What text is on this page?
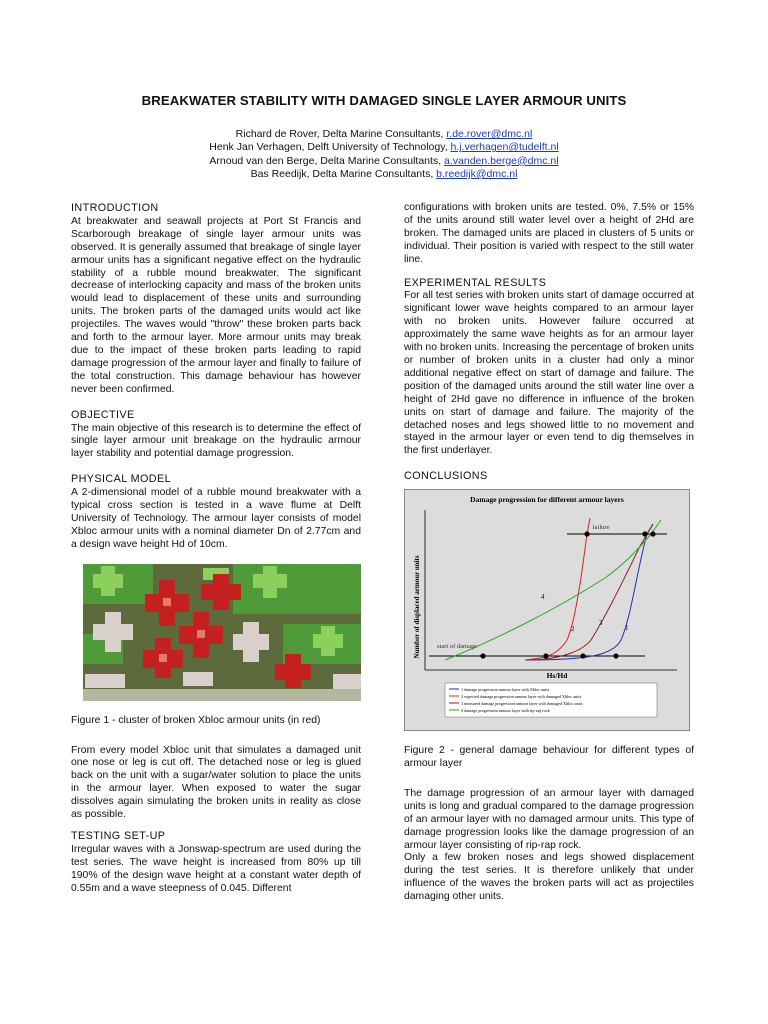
BREAKWATER STABILITY WITH DAMAGED SINGLE LAYER ARMOUR UNITS
Richard de Rover, Delta Marine Consultants, r.de.rover@dmc.nl
Henk Jan Verhagen, Delft University of Technology, h.j.verhagen@tudelft.nl
Arnoud van den Berge, Delta Marine Consultants, a.vanden.berge@dmc.nl
Bas Reedijk, Delta Marine Consultants, b.reedijk@dmc.nl
INTRODUCTION

At breakwater and seawall projects at Port St Francis and Scarborough breakage of single layer armour units was observed. It is generally assumed that breakage of single layer armour units has a significant negative effect on the hydraulic stability of a rubble mound breakwater. The significant decrease of interlocking capacity and mass of the broken units would lead to displacement of these units and surrounding units. The broken parts of the damaged units would act like projectiles. The waves would "throw" these broken parts back and forth to the armour layer. More armour units may break due to the impact of these broken parts leading to rapid damage progression of the armour layer and finally to failure of the total construction. This damage behaviour has however never been confirmed.

OBJECTIVE

The main objective of this research is to determine the effect of single layer armour unit breakage on the hydraulic armour layer stability and potential damage progression.

PHYSICAL MODEL

A 2-dimensional model of a rubble mound breakwater with a typical cross section is tested in a wave flume at Delft University of Technology. The armour layer consists of model Xbloc armour units with a nominal diameter Dn of 2.77cm and a design wave height Hd of 10cm.

Figure 1 - cluster of broken Xbloc armour units (in red)

From every model Xbloc unit that simulates a damaged unit one nose or leg is cut off. The detached nose or leg is glued back on the unit with a sugar/water solution to place the units in the armour layer. When exposed to water the sugar dissolves again simulating the broken units in reality as close as possible.

TESTING SET-UP

Irregular waves with a Jonswap-spectrum are used during the test series. The wave height is increased from 80% up till 190% of the design wave height at a constant water depth of 0.55m and a wave steepness of 0.045. Different

configurations with broken units are tested. 0%, 7.5% or 15% of the units around still water level over a height of 2Hd are broken. The damaged units are placed in clusters of 5 units or individual. Their position is varied with respect to the still water line.

EXPERIMENTAL RESULTS

For all test series with broken units start of damage occurred at significant lower wave heights compared to an armour layer with no broken units. However failure occurred at approximately the same wave heights as for an armour layer with no broken units. Increasing the percentage of broken units or number of broken units in a cluster had only a minor additional negative effect on start of damage and failure. The position of the damaged units around the still water line over a height of 2Hd gave no difference in influence of the broken units on start of damage and failure. The majority of the detached noses and legs showed little to no movement and stayed in the armour layer or even tend to dig themselves in the first underlayer.

CONCLUSIONS
Damage progression for different armour layers
Number of displaced armour units
Hs/Hd
failure
start of damage
4
2
3
1
1 damage progression armour layer with Xbloc units
2 expected damage progression armour layer with damaged Xbloc units
3 measured damage progression armour layer with damaged Xbloc units
4 damage progression armour layer with rip-rap rock

Figure 2 - general damage behaviour for different types of armour layer

The damage progression of an armour layer with damaged units is long and gradual compared to the damage progression of an armour layer with no damaged armour units. This type of damage progression looks like the damage progression of an armour layer consisting of rip-rap rock.

Only a few broken noses and legs showed displacement during the test series. It is therefore unlikely that under influence of the waves the broken parts will act as projectiles damaging other units.
